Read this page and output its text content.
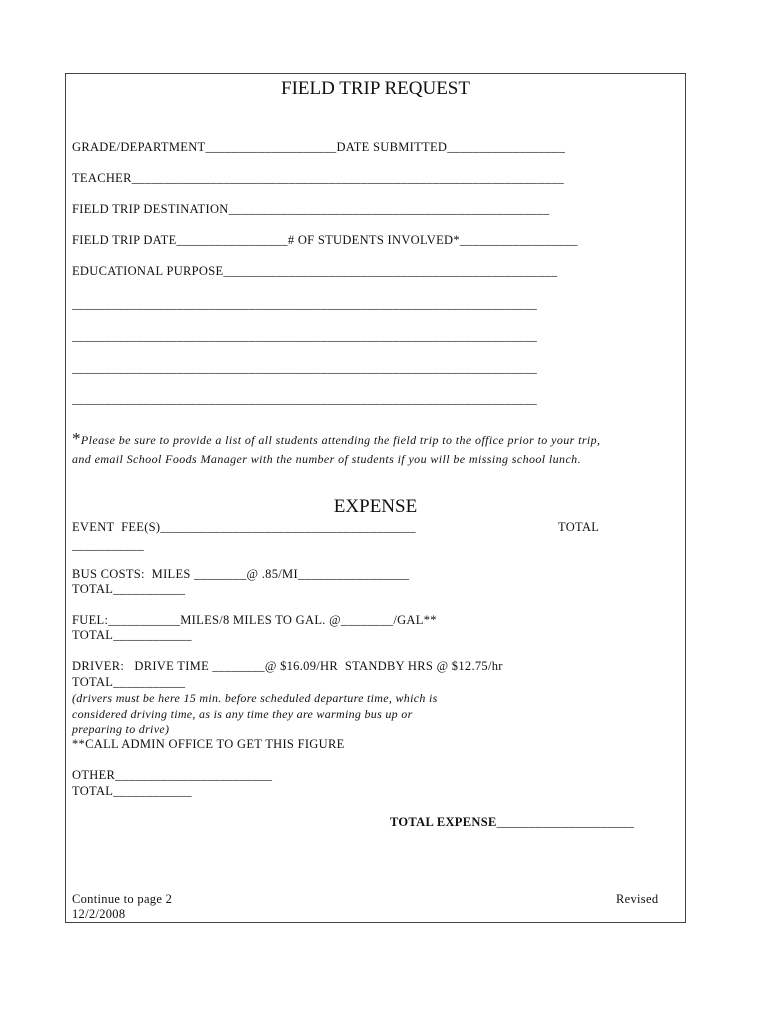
FIELD TRIP REQUEST
GRADE/DEPARTMENT____________________DATE SUBMITTED__________________
TEACHER__________________________________________________________________
FIELD TRIP DESTINATION_________________________________________________
FIELD TRIP DATE_________________# OF STUDENTS INVOLVED*__________________
EDUCATIONAL PURPOSE___________________________________________________
_______________________________________________________________________
_______________________________________________________________________
_______________________________________________________________________
_______________________________________________________________________
*Please be sure to provide a list of all students attending the field trip to the office prior to your trip,
and email School Foods Manager with the number of students if you will be missing school lunch.
EXPENSE
EVENT  FEE(S)_______________________________________	TOTAL
___________
BUS COSTS:  MILES ________@ .85/MI_________________
TOTAL___________
FUEL:___________MILES/8 MILES TO GAL. @________/GAL**
TOTAL____________
DRIVER:   DRIVE TIME ________@ $16.09/HR  STANDBY HRS @ $12.75/hr
TOTAL___________
(drivers must be here 15 min. before scheduled departure time, which is
considered driving time, as is any time they are warming bus up or
preparing to drive)
**CALL ADMIN OFFICE TO GET THIS FIGURE
OTHER________________________
TOTAL____________
TOTAL EXPENSE_____________________
Continue to page 2
12/2/2008
Revised
